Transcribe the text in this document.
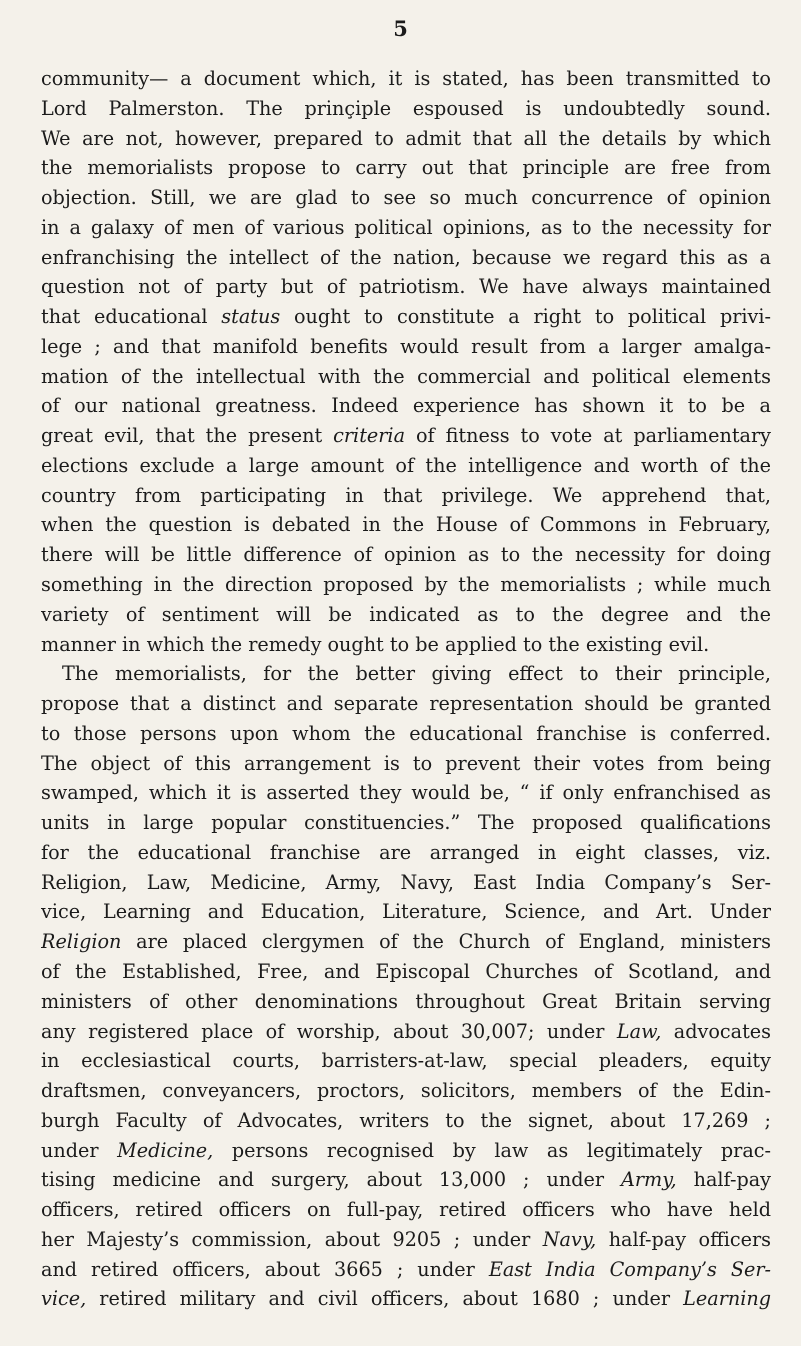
5
community— a document which, it is stated, has been transmitted to
Lord Palmerston. The prinçiple espoused is undoubtedly sound.
We are not, however, prepared to admit that all the details by which
the memorialists propose to carry out that principle are free from
objection. Still, we are glad to see so much concurrence of opinion
in a galaxy of men of various political opinions, as to the necessity for
enfranchising the intellect of the nation, because we regard this as a
question not of party but of patriotism. We have always maintained
that educational status ought to constitute a right to political privi-
lege ; and that manifold benefits would result from a larger amalga-
mation of the intellectual with the commercial and political elements
of our national greatness. Indeed experience has shown it to be a
great evil, that the present criteria of fitness to vote at parliamentary
elections exclude a large amount of the intelligence and worth of the
country from participating in that privilege. We apprehend that,
when the question is debated in the House of Commons in February,
there will be little difference of opinion as to the necessity for doing
something in the direction proposed by the memorialists ; while much
variety of sentiment will be indicated as to the degree and the
manner in which the remedy ought to be applied to the existing evil.
The memorialists, for the better giving effect to their principle,
propose that a distinct and separate representation should be granted
to those persons upon whom the educational franchise is conferred.
The object of this arrangement is to prevent their votes from being
swamped, which it is asserted they would be, “ if only enfranchised as
units in large popular constituencies.” The proposed qualifications
for the educational franchise are arranged in eight classes, viz.
Religion, Law, Medicine, Army, Navy, East India Company’s Ser-
vice, Learning and Education, Literature, Science, and Art. Under
Religion are placed clergymen of the Church of England, ministers
of the Established, Free, and Episcopal Churches of Scotland, and
ministers of other denominations throughout Great Britain serving
any registered place of worship, about 30,007; under Law, advocates
in ecclesiastical courts, barristers-at-law, special pleaders, equity
draftsmen, conveyancers, proctors, solicitors, members of the Edin-
burgh Faculty of Advocates, writers to the signet, about 17,269 ;
under Medicine, persons recognised by law as legitimately prac-
tising medicine and surgery, about 13,000 ; under Army, half-pay
officers, retired officers on full-pay, retired officers who have held
her Majesty’s commission, about 9205 ; under Navy, half-pay officers
and retired officers, about 3665 ; under East India Company’s Ser-
vice, retired military and civil officers, about 1680 ; under Learning
